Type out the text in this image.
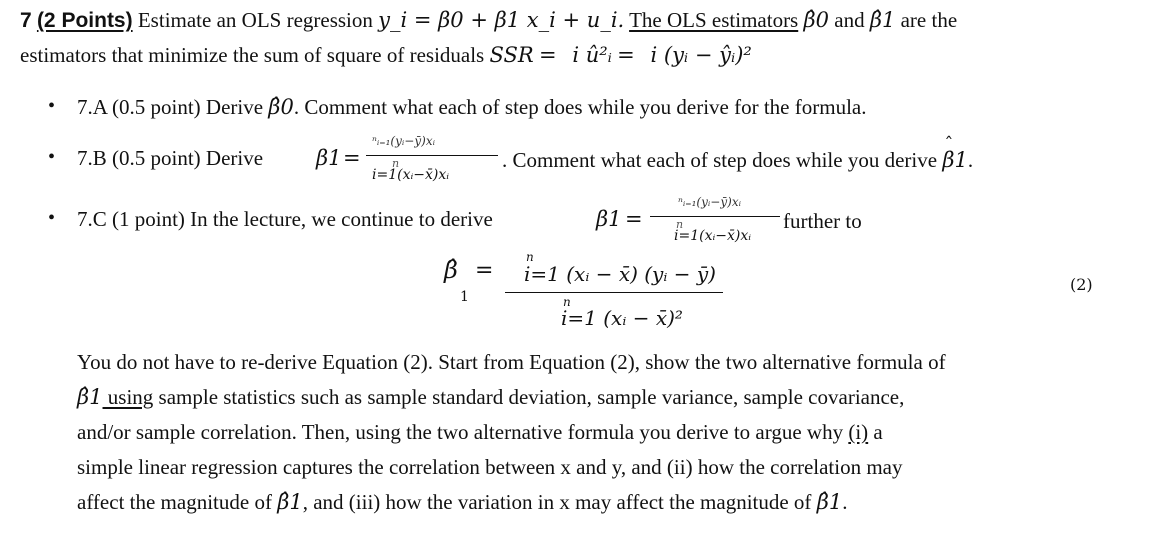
7 (2 Points) Estimate an OLS regression y_i = β0 + β1 x_i + u_i. The OLS estimators β̂0 and β̂1 are the
estimators that minimize the sum of square of residuals SSR = i û²ᵢ = i (yᵢ − ŷᵢ)²
• 7.A (0.5 point) Derive β̂0. Comment what each of step does while you derive for the formula.
• 7.B (0.5 point) Derive	β1 =
ⁿᵢ₌₁(yᵢ−ȳ)xᵢ
n
i=1(xᵢ−x̄)xᵢ
. Comment what each of step does while you derive ˆ β1.
• 7.C (1 point) In the lecture, we continue to derive	β1 =
ⁿᵢ₌₁(yᵢ−ȳ)xᵢ
n
i=1(xᵢ−x̄)xᵢ
further to
β̂
1
=
n
i=1 (xᵢ − x̄) (yᵢ − ȳ)
n
i=1 (xᵢ − x̄)²
(2)
You do not have to re-derive Equation (2). Start from Equation (2), show the two alternative formula of
β̂1 using sample statistics such as sample standard deviation, sample variance, sample covariance,
and/or sample correlation. Then, using the two alternative formula you derive to argue why (i) a
simple linear regression captures the correlation between x and y, and (ii) how the correlation may
affect the magnitude of β̂1, and (iii) how the variation in x may affect the magnitude of β̂1.
